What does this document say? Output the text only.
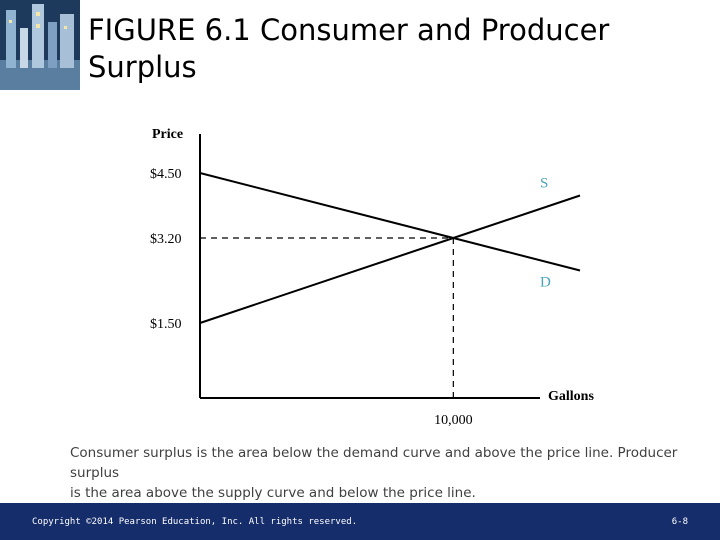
FIGURE 6.1 Consumer and Producer
Surplus
Price
Gallons
$4.50
$3.20
$1.50
10,000
D
S
Consumer surplus is the area below the demand curve and above the price line. Producer surplus
is the area above the supply curve and below the price line.
Copyright ©2014 Pearson Education, Inc. All rights reserved.	6-8
